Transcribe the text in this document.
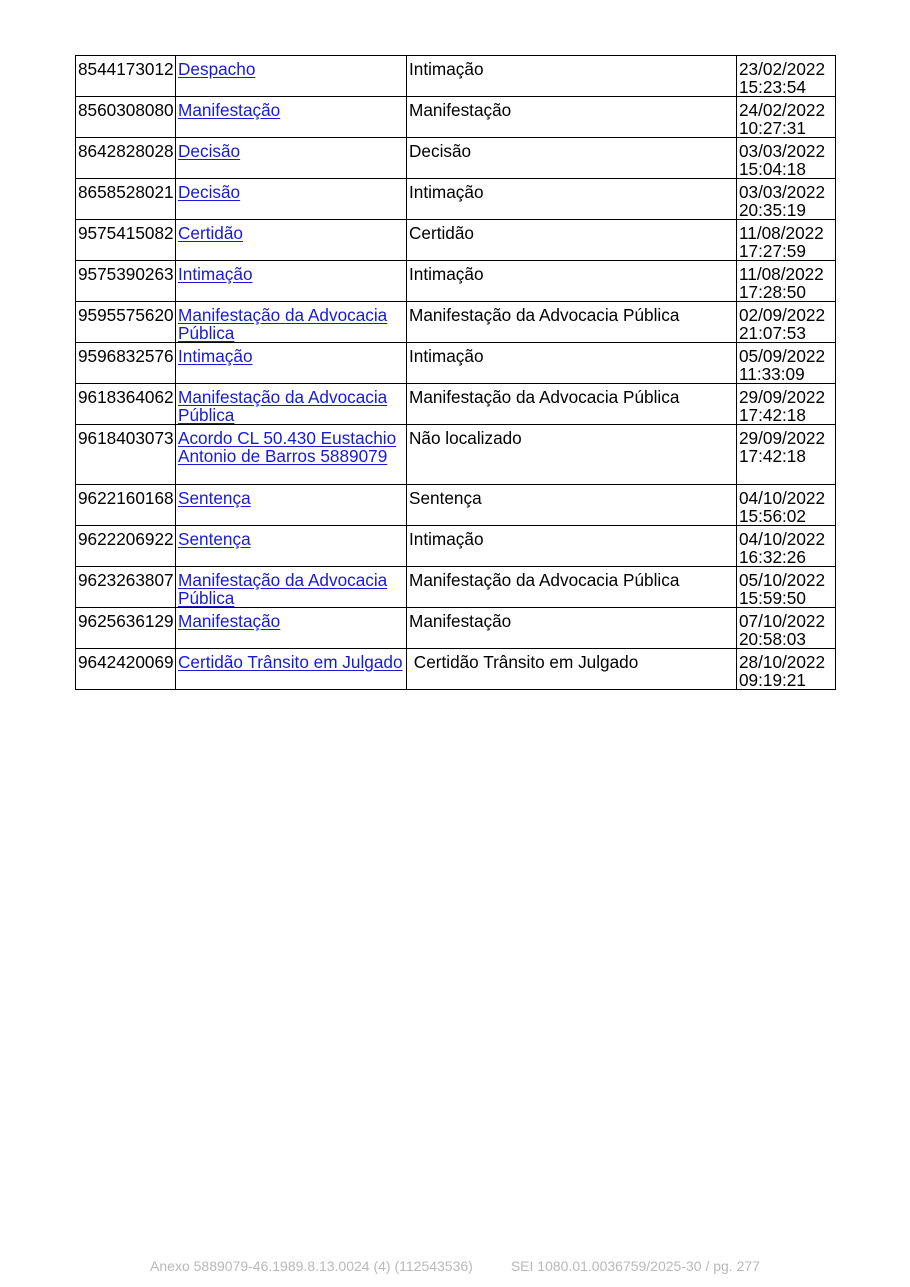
8544173012	Despacho	Intimação	23/02/2022
15:23:54

8560308080	Manifestação	Manifestação	24/02/2022
10:27:31

8642828028	Decisão	Decisão	03/03/2022
15:04:18

8658528021	Decisão	Intimação	03/03/2022
20:35:19

9575415082	Certidão	Certidão	11/08/2022
17:27:59

9575390263	Intimação	Intimação	11/08/2022
17:28:50

9595575620	Manifestação da Advocacia Pública	Manifestação da Advocacia Pública	02/09/2022
21:07:53

9596832576	Intimação	Intimação	05/09/2022
11:33:09

9618364062	Manifestação da Advocacia Pública	Manifestação da Advocacia Pública	29/09/2022
17:42:18

9618403073	Acordo CL 50.430 Eustachio Antonio de Barros 5889079	Não localizado	29/09/2022
17:42:18

9622160168	Sentença	Sentença	04/10/2022
15:56:02

9622206922	Sentença	Intimação	04/10/2022
16:32:26

9623263807	Manifestação da Advocacia Pública	Manifestação da Advocacia Pública	05/10/2022
15:59:50

9625636129	Manifestação	Manifestação	07/10/2022
20:58:03

9642420069	Certidão Trânsito em Julgado	Certidão Trânsito em Julgado	28/10/2022
09:19:21
Anexo 5889079-46.1989.8.13.0024 (4) (112543536)	SEI 1080.01.0036759/2025-30 / pg. 277
